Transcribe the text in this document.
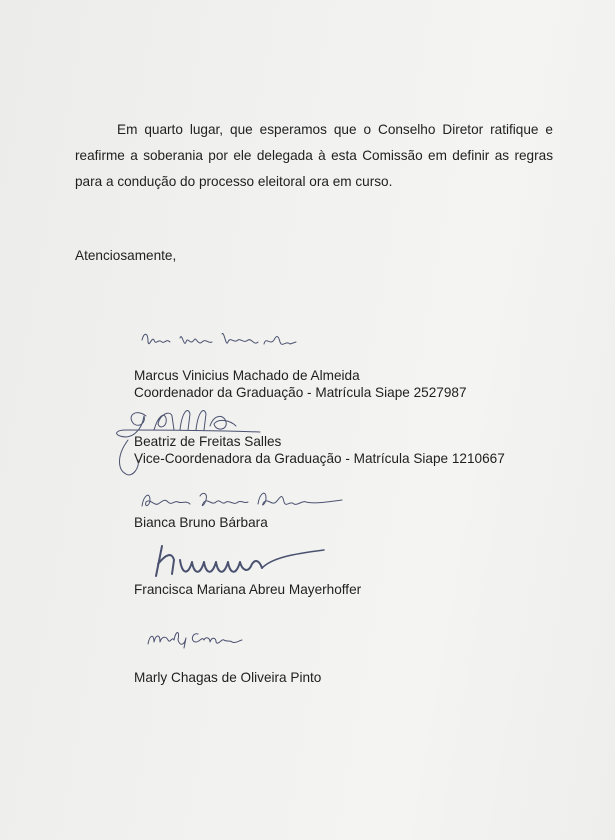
Em quarto lugar, que esperamos que o Conselho Diretor ratifique e reafirme a soberania por ele delegada à esta Comissão em definir as regras para a condução do processo eleitoral ora em curso.

Atenciosamente,

Marcus Vinicius Machado de Almeida
Coordenador da Graduação - Matrícula Siape 2527987
Beatriz de Freitas Salles
Vice-Coordenadora da Graduação - Matrícula Siape 1210667
Bianca Bruno Bárbara
Francisca Mariana Abreu Mayerhoffer
Marly Chagas de Oliveira Pinto
